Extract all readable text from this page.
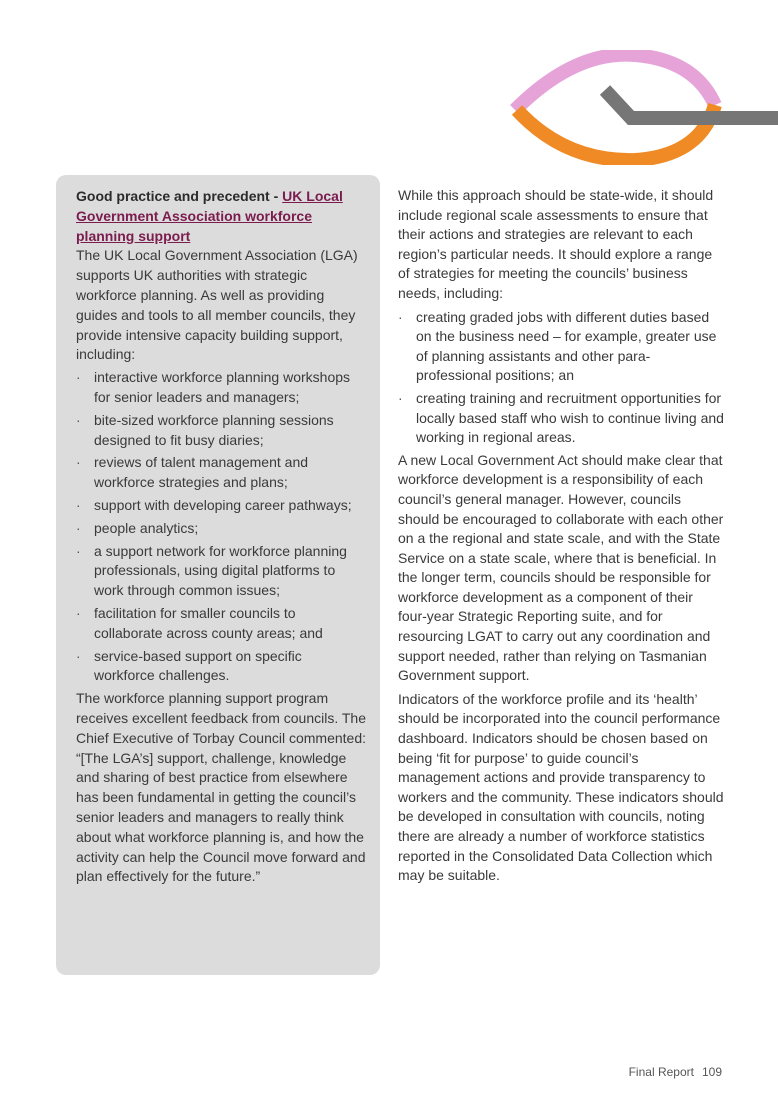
Good practice and precedent - UK Local Government Association workforce planning support

The UK Local Government Association (LGA) supports UK authorities with strategic workforce planning. As well as providing guides and tools to all member councils, they provide intensive capacity building support, including:

· interactive workforce planning workshops for senior leaders and managers;
· bite-sized workforce planning sessions designed to fit busy diaries;
· reviews of talent management and workforce strategies and plans;
· support with developing career pathways;
· people analytics;
· a support network for workforce planning professionals, using digital platforms to work through common issues;
· facilitation for smaller councils to collaborate across county areas; and
· service-based support on specific workforce challenges.

The workforce planning support program receives excellent feedback from councils. The Chief Executive of Torbay Council commented: “[The LGA’s] support, challenge, knowledge and sharing of best practice from elsewhere has been fundamental in getting the council’s senior leaders and managers to really think about what workforce planning is, and how the activity can help the Council move forward and plan effectively for the future.”

While this approach should be state-wide, it should include regional scale assessments to ensure that their actions and strategies are relevant to each region’s particular needs. It should explore a range of strategies for meeting the councils’ business needs, including:

· creating graded jobs with different duties based on the business need – for example, greater use of planning assistants and other para-professional positions; an
· creating training and recruitment opportunities for locally based staff who wish to continue living and working in regional areas.

A new Local Government Act should make clear that workforce development is a responsibility of each council’s general manager. However, councils should be encouraged to collaborate with each other on a the regional and state scale, and with the State Service on a state scale, where that is beneficial. In the longer term, councils should be responsible for workforce development as a component of their four-year Strategic Reporting suite, and for resourcing LGAT to carry out any coordination and support needed, rather than relying on Tasmanian Government support.

Indicators of the workforce profile and its ‘health’ should be incorporated into the council performance dashboard. Indicators should be chosen based on being ‘fit for purpose’ to guide council’s management actions and provide transparency to workers and the community. These indicators should be developed in consultation with councils, noting there are already a number of workforce statistics reported in the Consolidated Data Collection which may be suitable.

Final Report 109
